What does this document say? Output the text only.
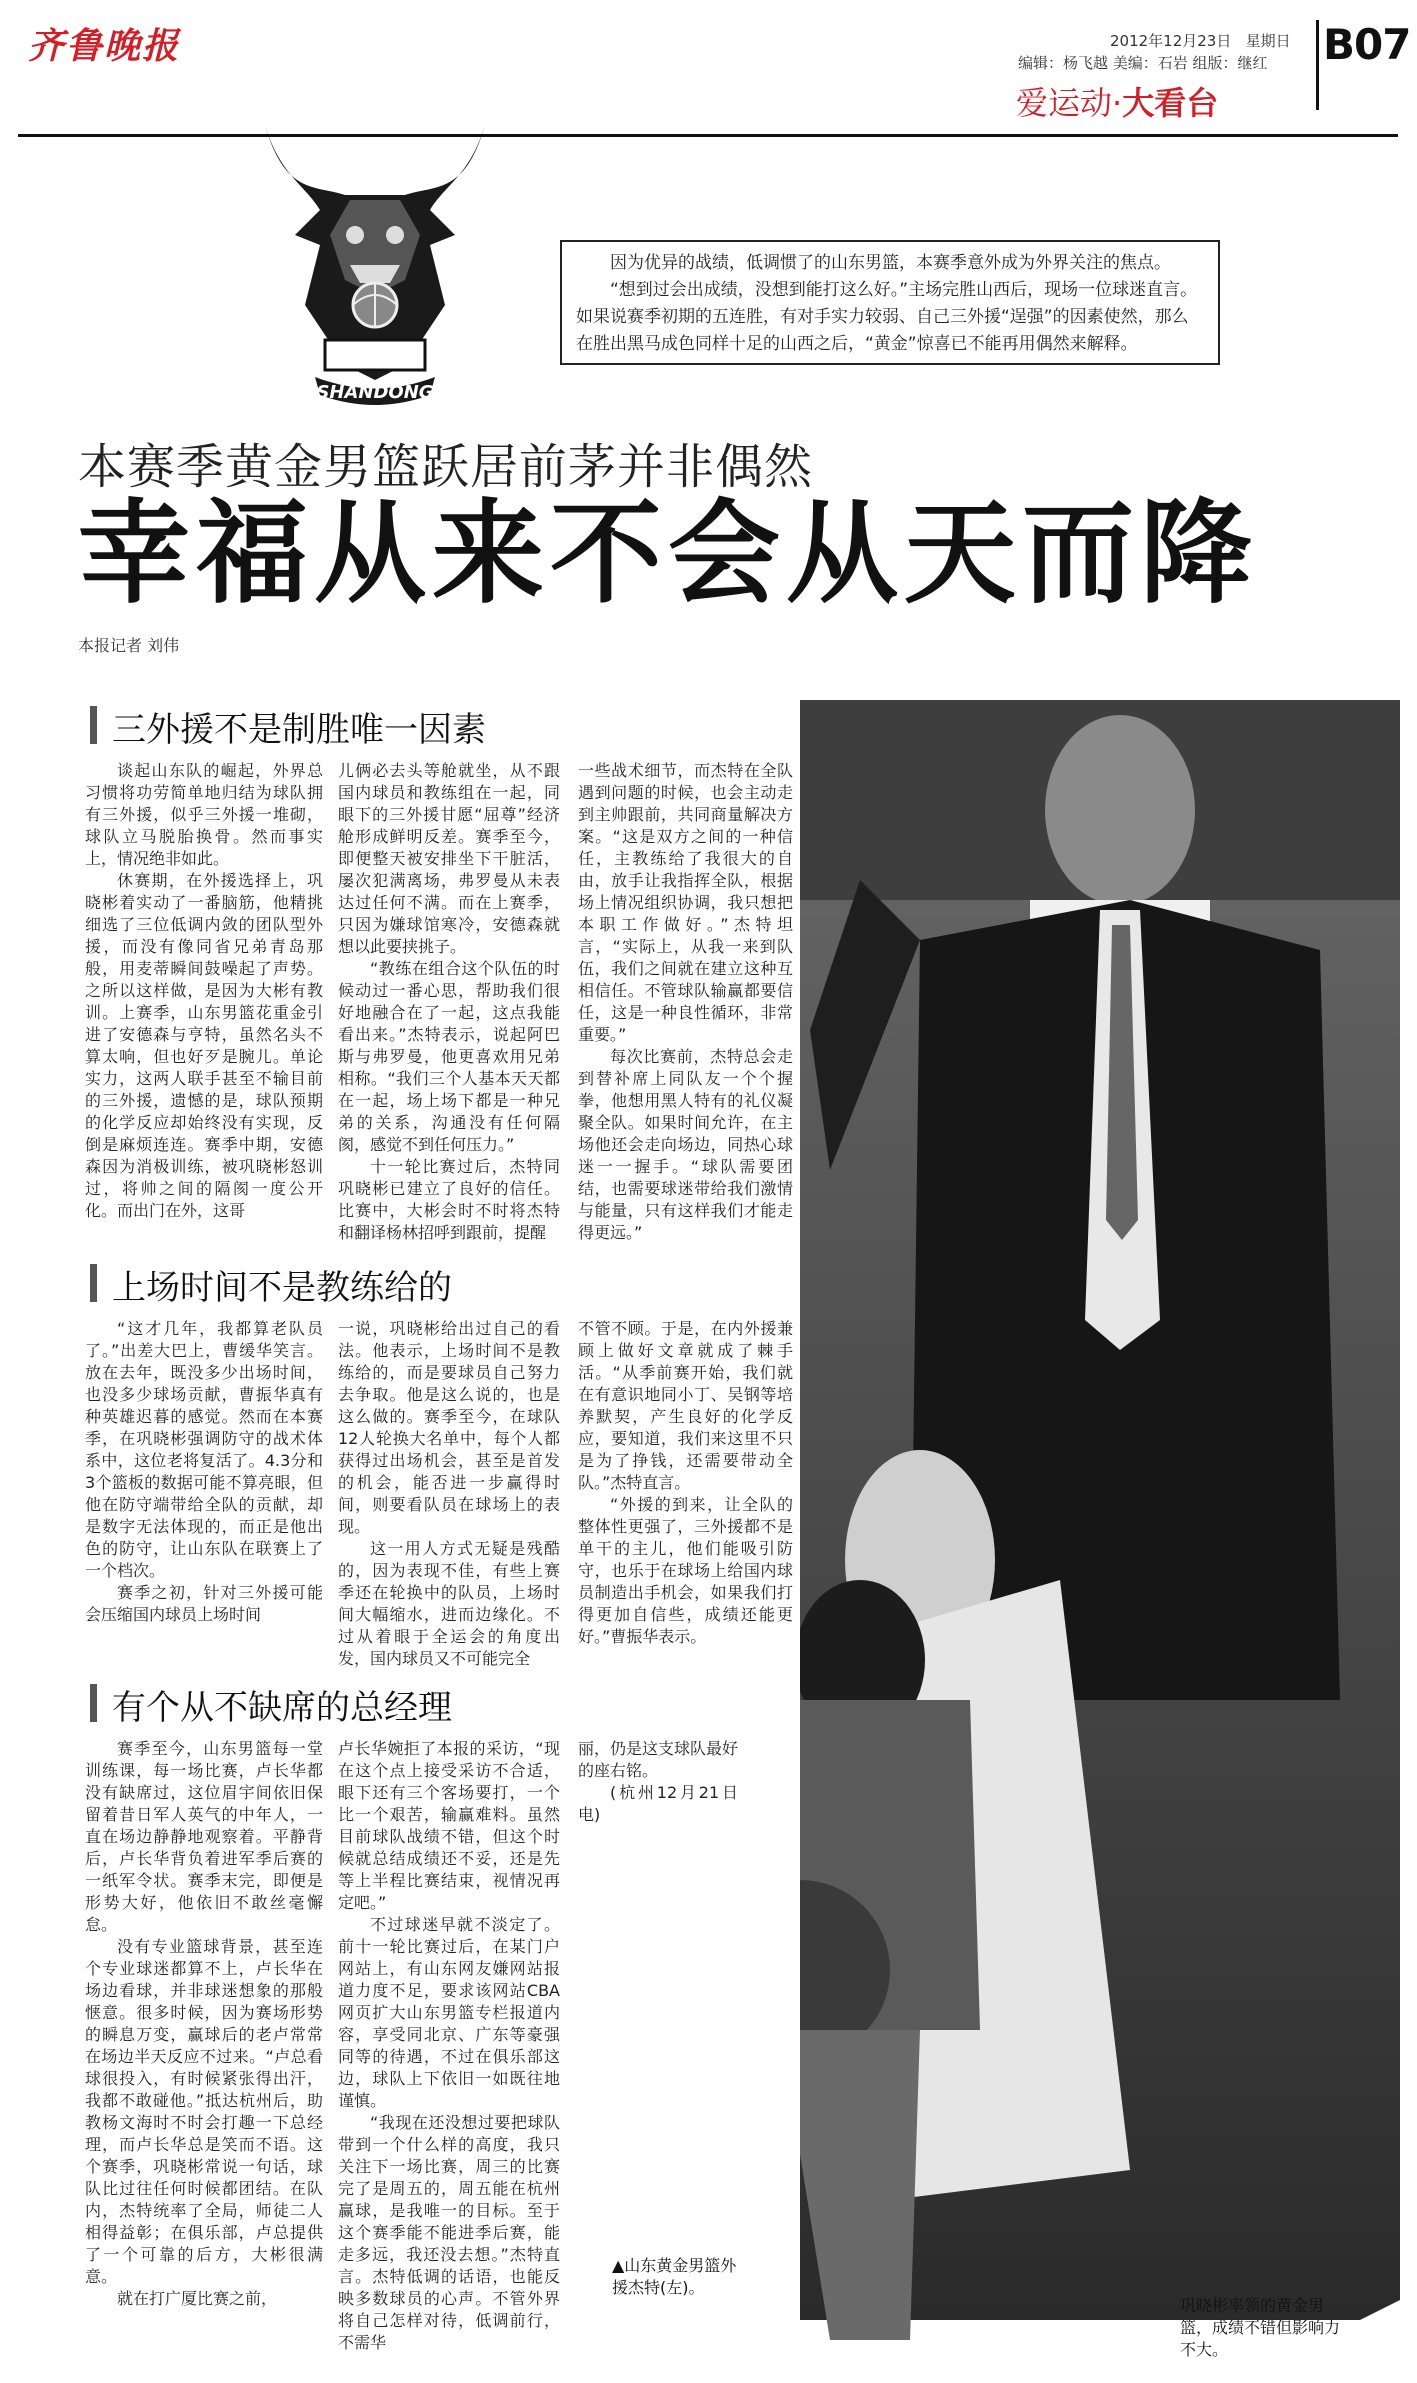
齐鲁晚报	2012年12月23日 星期日
编辑：杨飞越 美编：石岩 组版：继红 B07
爱运动·大看台
SHANDONG

因为优异的战绩，低调惯了的山东男篮，本赛季意外成为外界关注的焦点。

“想到过会出成绩，没想到能打这么好。”主场完胜山西后，现场一位球迷直言。如果说赛季初期的五连胜，有对手实力较弱、自己三外援“逞强”的因素使然，那么在胜出黑马成色同样十足的山西之后，“黄金”惊喜已不能再用偶然来解释。

本赛季黄金男篮跃居前茅并非偶然
幸福从来不会从天而降
本报记者 刘伟
▲山东黄金男篮外援杰特(左)。
巩晓彬率领的黄金男篮，成绩不错但影响力不大。
三外援不是制胜唯一因素

谈起山东队的崛起，外界总习惯将功劳简单地归结为球队拥有三外援，似乎三外援一堆砌，球队立马脱胎换骨。然而事实上，情况绝非如此。

休赛期，在外援选择上，巩晓彬着实动了一番脑筋，他精挑细选了三位低调内敛的团队型外援，而没有像同省兄弟青岛那般，用麦蒂瞬间鼓噪起了声势。之所以这样做，是因为大彬有教训。上赛季，山东男篮花重金引进了安德森与亨特，虽然名头不算太响，但也好歹是腕儿。单论实力，这两人联手甚至不输目前的三外援，遗憾的是，球队预期的化学反应却始终没有实现，反倒是麻烦连连。赛季中期，安德森因为消极训练，被巩晓彬怒训过，将帅之间的隔阂一度公开化。而出门在外，这哥

儿俩必去头等舱就坐，从不跟国内球员和教练组在一起，同眼下的三外援甘愿“屈尊”经济舱形成鲜明反差。赛季至今，即便整天被安排坐下干脏活，屡次犯满离场，弗罗曼从未表达过任何不满。而在上赛季，只因为嫌球馆寒冷，安德森就想以此要挟挑子。

“教练在组合这个队伍的时候动过一番心思，帮助我们很好地融合在了一起，这点我能看出来。”杰特表示，说起阿巴斯与弗罗曼，他更喜欢用兄弟相称。“我们三个人基本天天都在一起，场上场下都是一种兄弟的关系，沟通没有任何隔阂，感觉不到任何压力。”

十一轮比赛过后，杰特同巩晓彬已建立了良好的信任。比赛中，大彬会时不时将杰特和翻译杨林招呼到跟前，提醒

一些战术细节，而杰特在全队遇到问题的时候，也会主动走到主帅跟前，共同商量解决方案。“这是双方之间的一种信任，主教练给了我很大的自由，放手让我指挥全队，根据场上情况组织协调，我只想把本职工作做好。”杰特坦言，“实际上，从我一来到队伍，我们之间就在建立这种互相信任。不管球队输赢都要信任，这是一种良性循环，非常重要。”

每次比赛前，杰特总会走到替补席上同队友一个个握拳，他想用黑人特有的礼仪凝聚全队。如果时间允许，在主场他还会走向场边，同热心球迷一一握手。“球队需要团结，也需要球迷带给我们激情与能量，只有这样我们才能走得更远。”

上场时间不是教练给的

“这才几年，我都算老队员了。”出差大巴上，曹缓华笑言。放在去年，既没多少出场时间，也没多少球场贡献，曹振华真有种英雄迟暮的感觉。然而在本赛季，在巩晓彬强调防守的战术体系中，这位老将复活了。4.3分和3个篮板的数据可能不算亮眼，但他在防守端带给全队的贡献，却是数字无法体现的，而正是他出色的防守，让山东队在联赛上了一个档次。

赛季之初，针对三外援可能会压缩国内球员上场时间

一说，巩晓彬给出过自己的看法。他表示，上场时间不是教练给的，而是要球员自己努力去争取。他是这么说的，也是这么做的。赛季至今，在球队12人轮换大名单中，每个人都获得过出场机会，甚至是首发的机会，能否进一步赢得时间，则要看队员在球场上的表现。

这一用人方式无疑是残酷的，因为表现不佳，有些上赛季还在轮换中的队员，上场时间大幅缩水，进而边缘化。不过从着眼于全运会的角度出发，国内球员又不可能完全

不管不顾。于是，在内外援兼顾上做好文章就成了棘手活。“从季前赛开始，我们就在有意识地同小丁、吴钢等培养默契，产生良好的化学反应，要知道，我们来这里不只是为了挣钱，还需要带动全队。”杰特直言。

“外援的到来，让全队的整体性更强了，三外援都不是单干的主儿，他们能吸引防守，也乐于在球场上给国内球员制造出手机会，如果我们打得更加自信些，成绩还能更好。”曹振华表示。

有个从不缺席的总经理

赛季至今，山东男篮每一堂训练课，每一场比赛，卢长华都没有缺席过，这位眉宇间依旧保留着昔日军人英气的中年人，一直在场边静静地观察着。平静背后，卢长华背负着进军季后赛的一纸军令状。赛季末完，即便是形势大好，他依旧不敢丝毫懈怠。

没有专业篮球背景，甚至连个专业球迷都算不上，卢长华在场边看球，并非球迷想象的那般惬意。很多时候，因为赛场形势的瞬息万变，赢球后的老卢常常在场边半天反应不过来。“卢总看球很投入，有时候紧张得出汗，我都不敢碰他。”抵达杭州后，助教杨文海时不时会打趣一下总经理，而卢长华总是笑而不语。这个赛季，巩晓彬常说一句话，球队比过往任何时候都团结。在队内，杰特统率了全局，师徒二人相得益彰；在俱乐部，卢总提供了一个可靠的后方，大彬很满意。

就在打广厦比赛之前，

卢长华婉拒了本报的采访，“现在这个点上接受采访不合适，眼下还有三个客场要打，一个比一个艰苦，输赢难料。虽然目前球队战绩不错，但这个时候就总结成绩还不妥，还是先等上半程比赛结束，视情况再定吧。”

不过球迷早就不淡定了。前十一轮比赛过后，在某门户网站上，有山东网友嫌网站报道力度不足，要求该网站CBA网页扩大山东男篮专栏报道内容，享受同北京、广东等豪强同等的待遇，不过在俱乐部这边，球队上下依旧一如既往地谨慎。

“我现在还没想过要把球队带到一个什么样的高度，我只关注下一场比赛，周三的比赛完了是周五的，周五能在杭州赢球，是我唯一的目标。至于这个赛季能不能进季后赛，能走多远，我还没去想。”杰特直言。杰特低调的话语，也能反映多数球员的心声。不管外界将自己怎样对待，低调前行，不需华

丽，仍是这支球队最好的座右铭。

(杭州12月21日电)
